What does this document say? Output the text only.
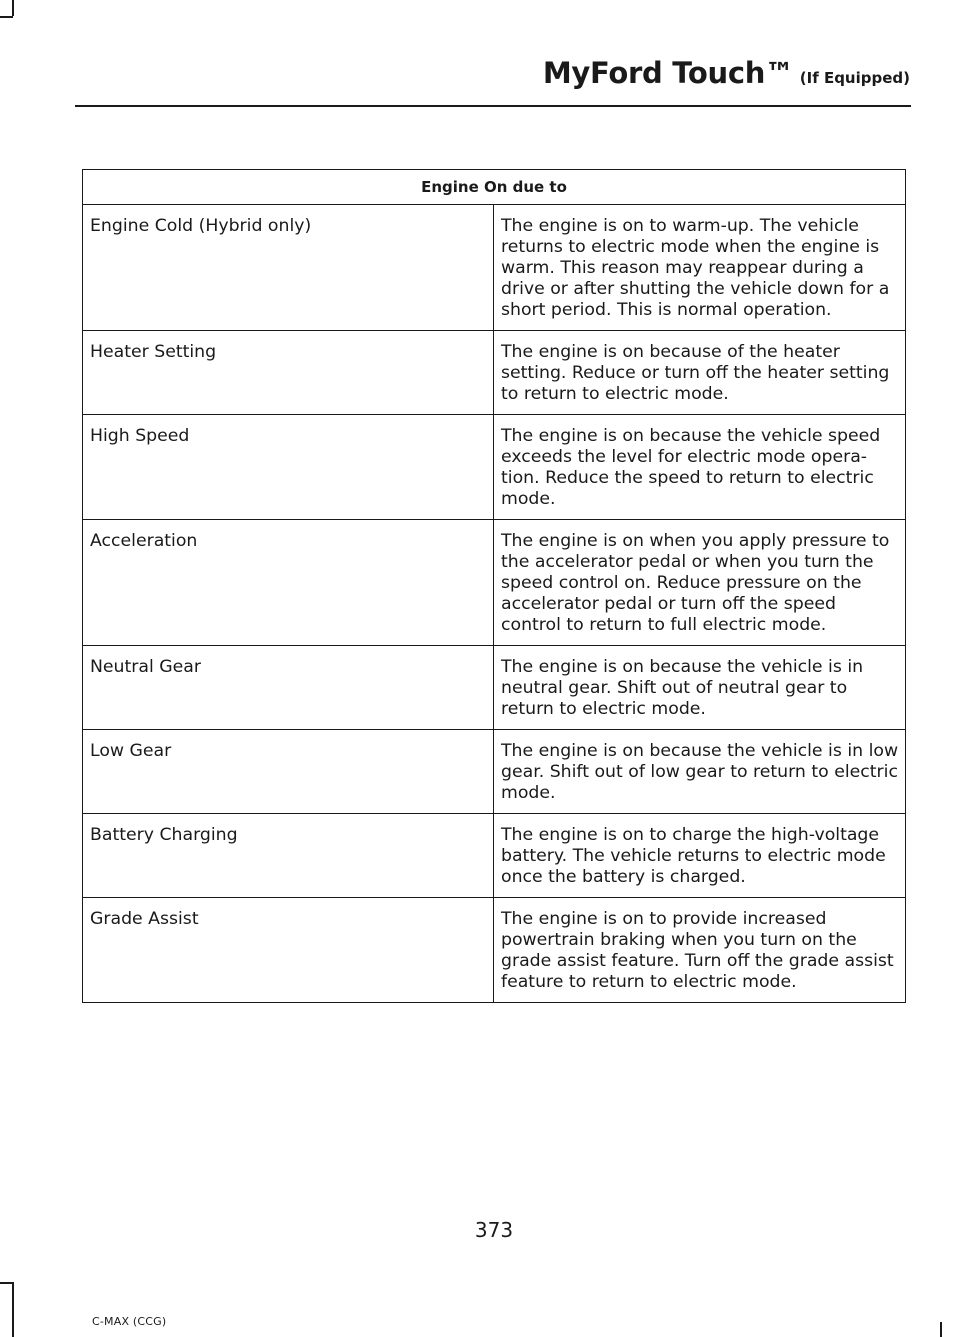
MyFord Touch™ (If Equipped)
Engine On due to	
Engine Cold (Hybrid only)	The engine is on to warm-up. The vehicle returns to electric mode when the engine is warm. This reason may reappear during a drive or after shutting the vehicle down for a short period. This is normal operation.
Heater Setting	The engine is on because of the heater setting. Reduce or turn off the heater setting to return to electric mode.
High Speed	The engine is on because the vehicle speed exceeds the level for electric mode opera-tion. Reduce the speed to return to electric mode.
Acceleration	The engine is on when you apply pressure to the accelerator pedal or when you turn the speed control on. Reduce pressure on the accelerator pedal or turn off the speed control to return to full electric mode.
Neutral Gear	The engine is on because the vehicle is in neutral gear. Shift out of neutral gear to return to electric mode.
Low Gear	The engine is on because the vehicle is in low gear. Shift out of low gear to return to electric mode.
Battery Charging	The engine is on to charge the high-voltage battery. The vehicle returns to electric mode once the battery is charged.
Grade Assist	The engine is on to provide increased powertrain braking when you turn on the grade assist feature. Turn off the grade assist feature to return to electric mode.
373
C-MAX (CCG)
